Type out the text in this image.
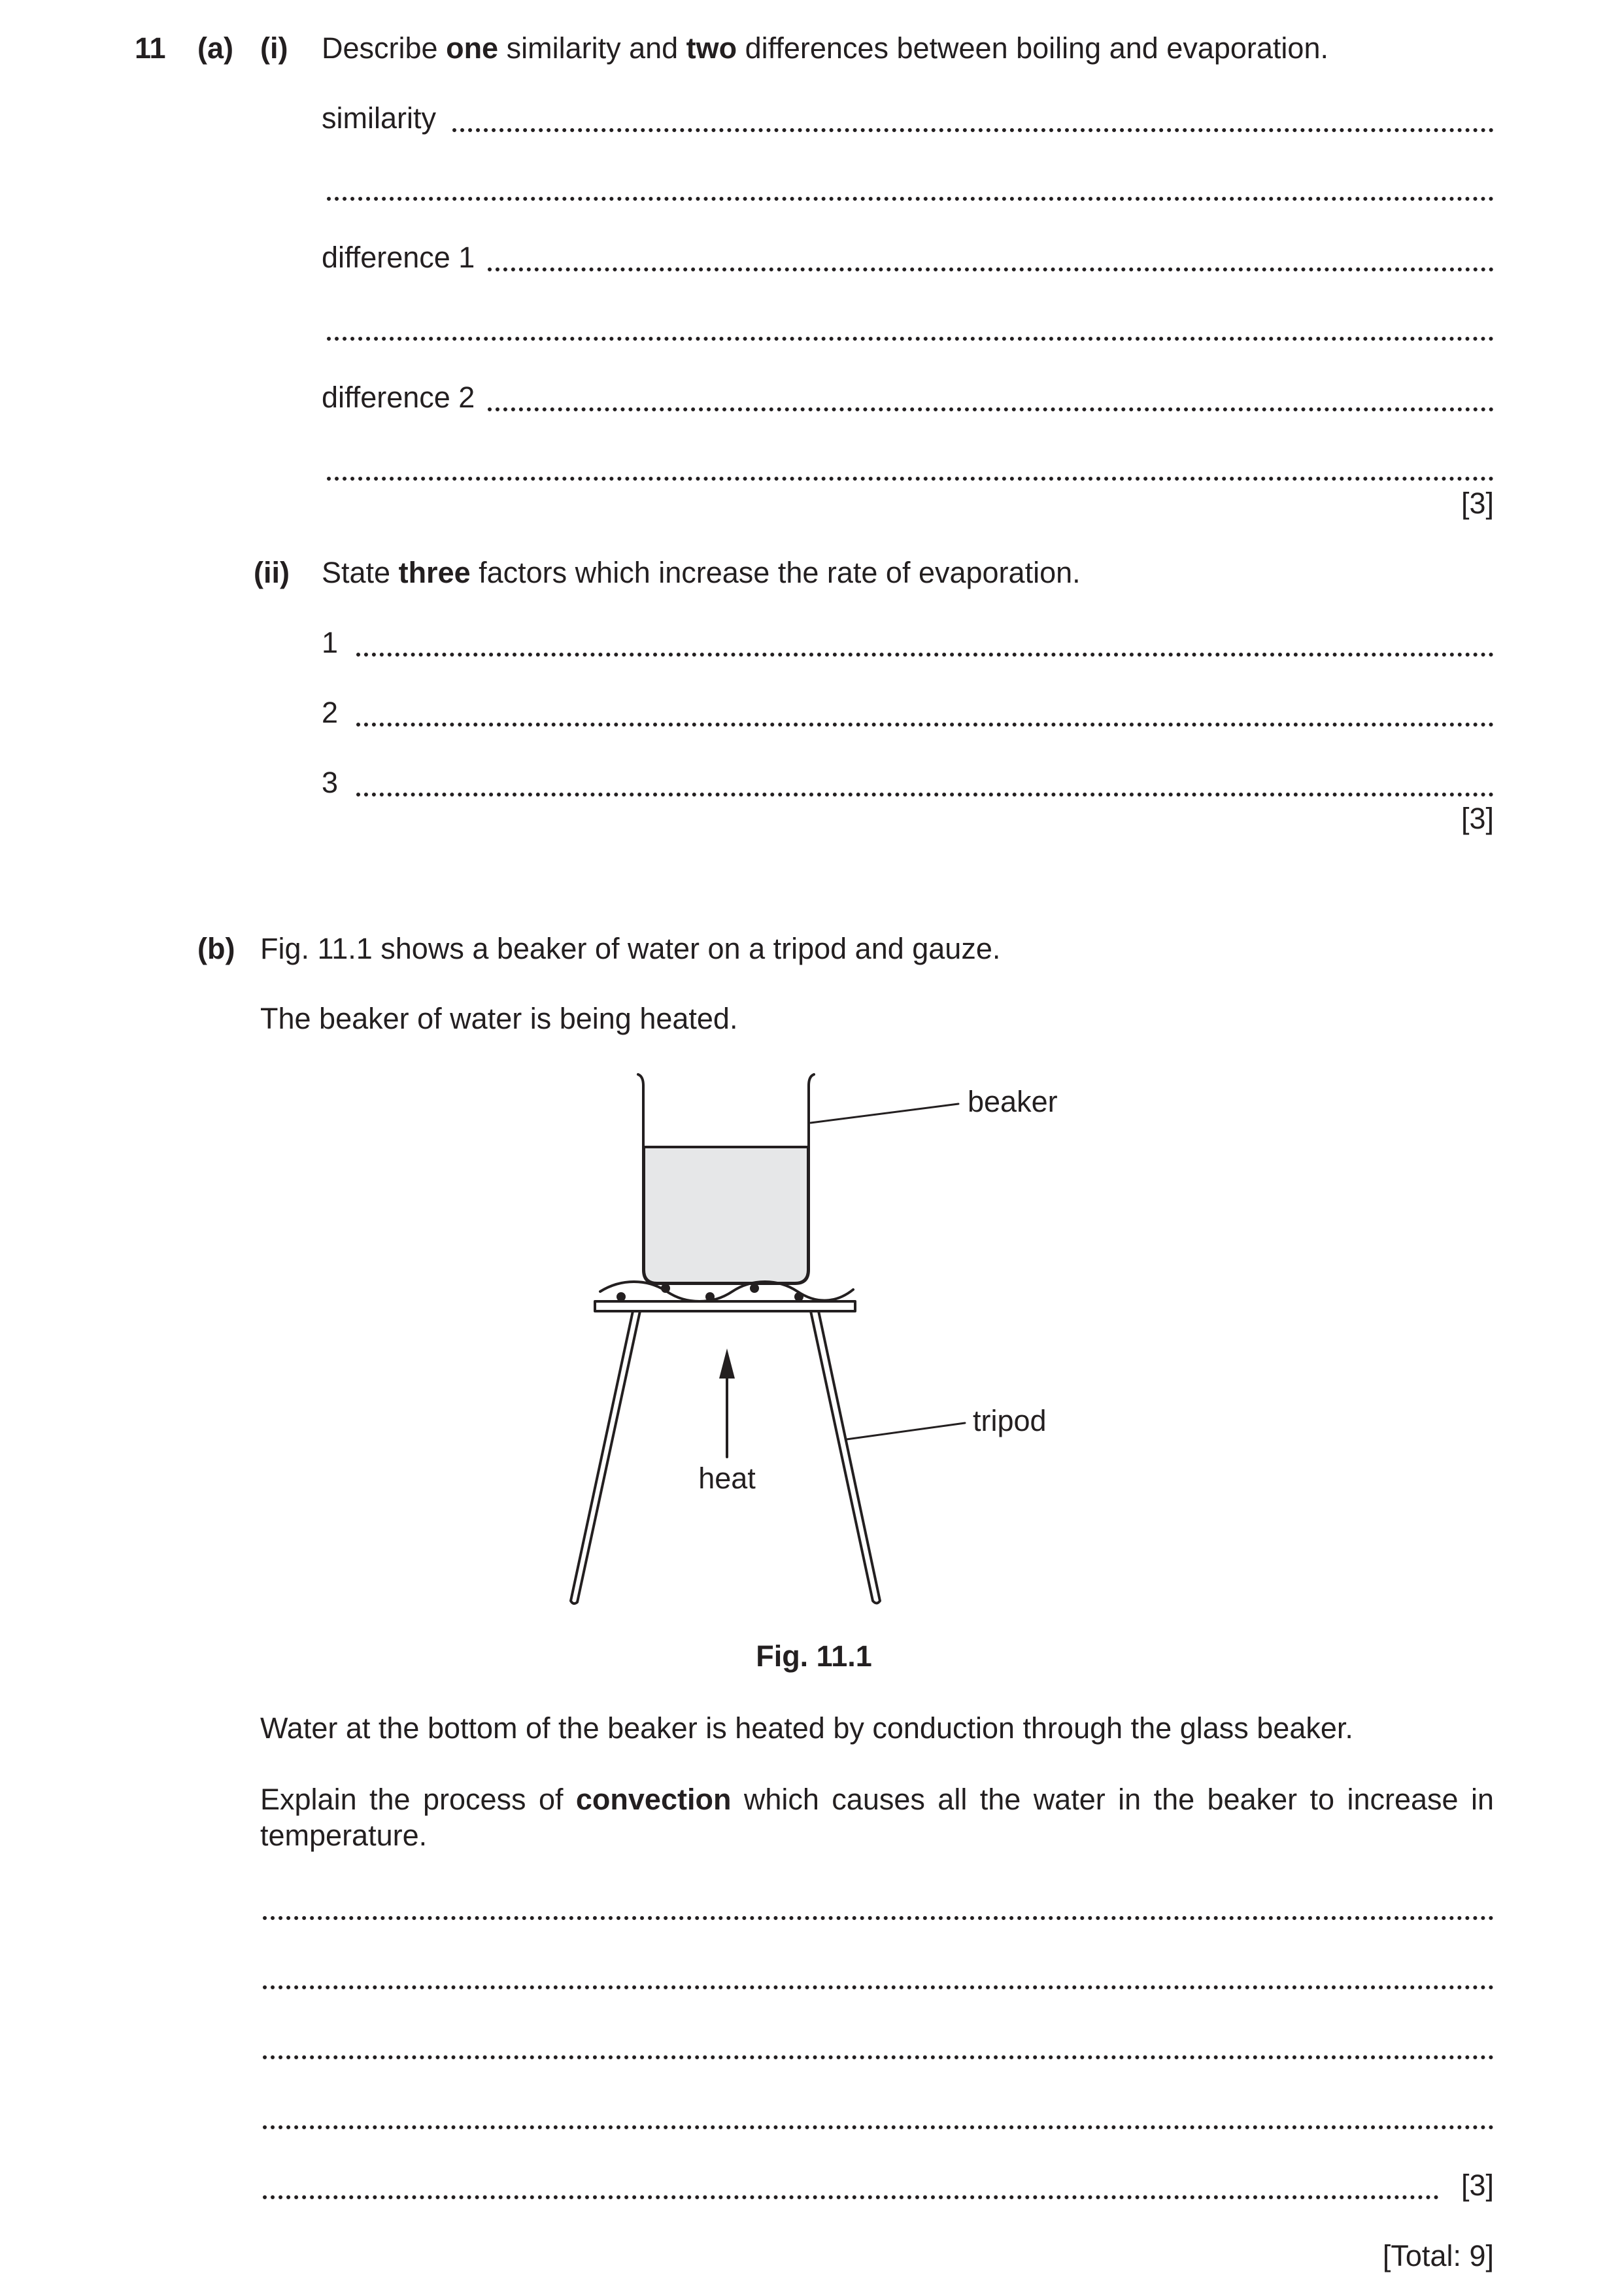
11 (a) (i) Describe one similarity and two differences between boiling and evaporation.
similarity
difference 1
difference 2
[3]
(ii) State three factors which increase the rate of evaporation.
1
2
3
[3]
(b) Fig. 11.1 shows a beaker of water on a tripod and gauze.
The beaker of water is being heated.
beaker
tripod
heat
Fig. 11.1
Water at the bottom of the beaker is heated by conduction through the glass beaker.
Explain the process of convection which causes all the water in the beaker to increase in temperature.
[3]
[Total: 9]
